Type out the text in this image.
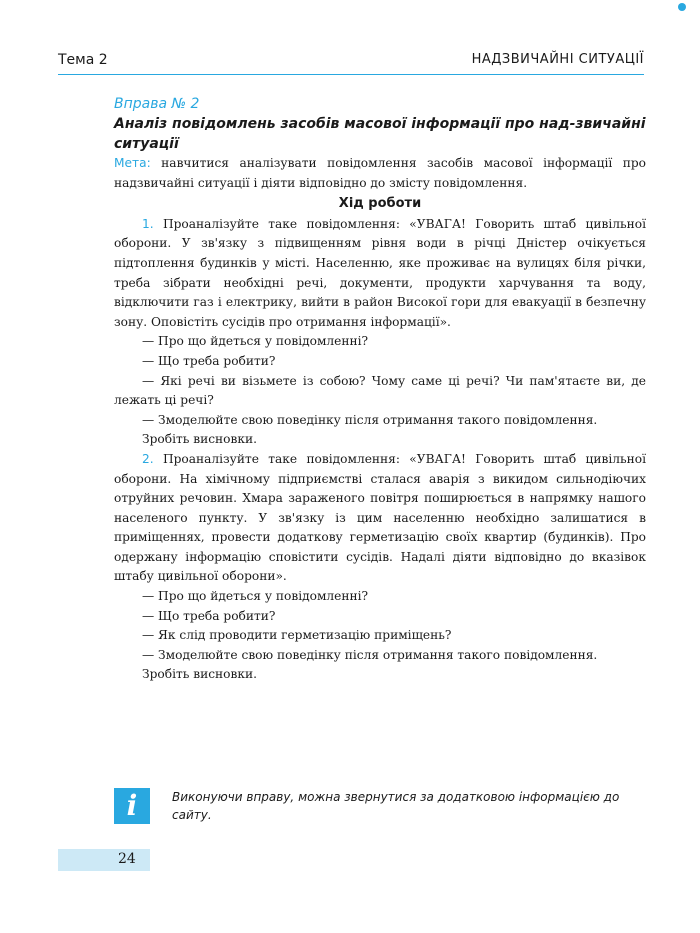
Тема 2	НАДЗВИЧАЙНІ СИТУАЦІЇ
Вправа № 2
Аналіз повідомлень засобів масової інформації про над-звичайні ситуації

Мета: навчитися аналізувати повідомлення засобів масової інформації про надзвичайні ситуації і діяти відповідно до змісту повідомлення.

Хід роботи

1. Проаналізуйте таке повідомлення: «УВАГА! Говорить штаб цивільної оборони. У зв'язку з підвищенням рівня води в річці Дністер очікується підтоплення будинків у місті. Населенню, яке проживає на вулицях біля річки, треба зібрати необхідні речі, документи, продукти харчування та воду, відключити газ і електрику, вийти в район Високої гори для евакуації в безпечну зону. Оповістіть сусідів про отримання інформації».

— Про що йдеться у повідомленні?

— Що треба робити?

— Які речі ви візьмете із собою? Чому саме ці речі? Чи пам'ятаєте ви, де лежать ці речі?

— Змоделюйте свою поведінку після отримання такого повідомлення.

Зробіть висновки.

2. Проаналізуйте таке повідомлення: «УВАГА! Говорить штаб цивільної оборони. На хімічному підприємстві сталася аварія з викидом сильнодіючих отруйних речовин. Хмара зараженого повітря поширюється в напрямку нашого населеного пункту. У зв'язку із цим населенню необхідно залишатися в приміщеннях, провести додаткову герметизацію своїх квартир (будинків). Про одержану інформацію сповістити сусідів. Надалі діяти відповідно до вказівок штабу цивільної оборони».

— Про що йдеться у повідомленні?

— Що треба робити?

— Як слід проводити герметизацію приміщень?

— Змоделюйте свою поведінку після отримання такого повідомлення.

Зробіть висновки.

i	Виконуючи вправу, можна звернутися за додатковою інформацією до сайту.
24
